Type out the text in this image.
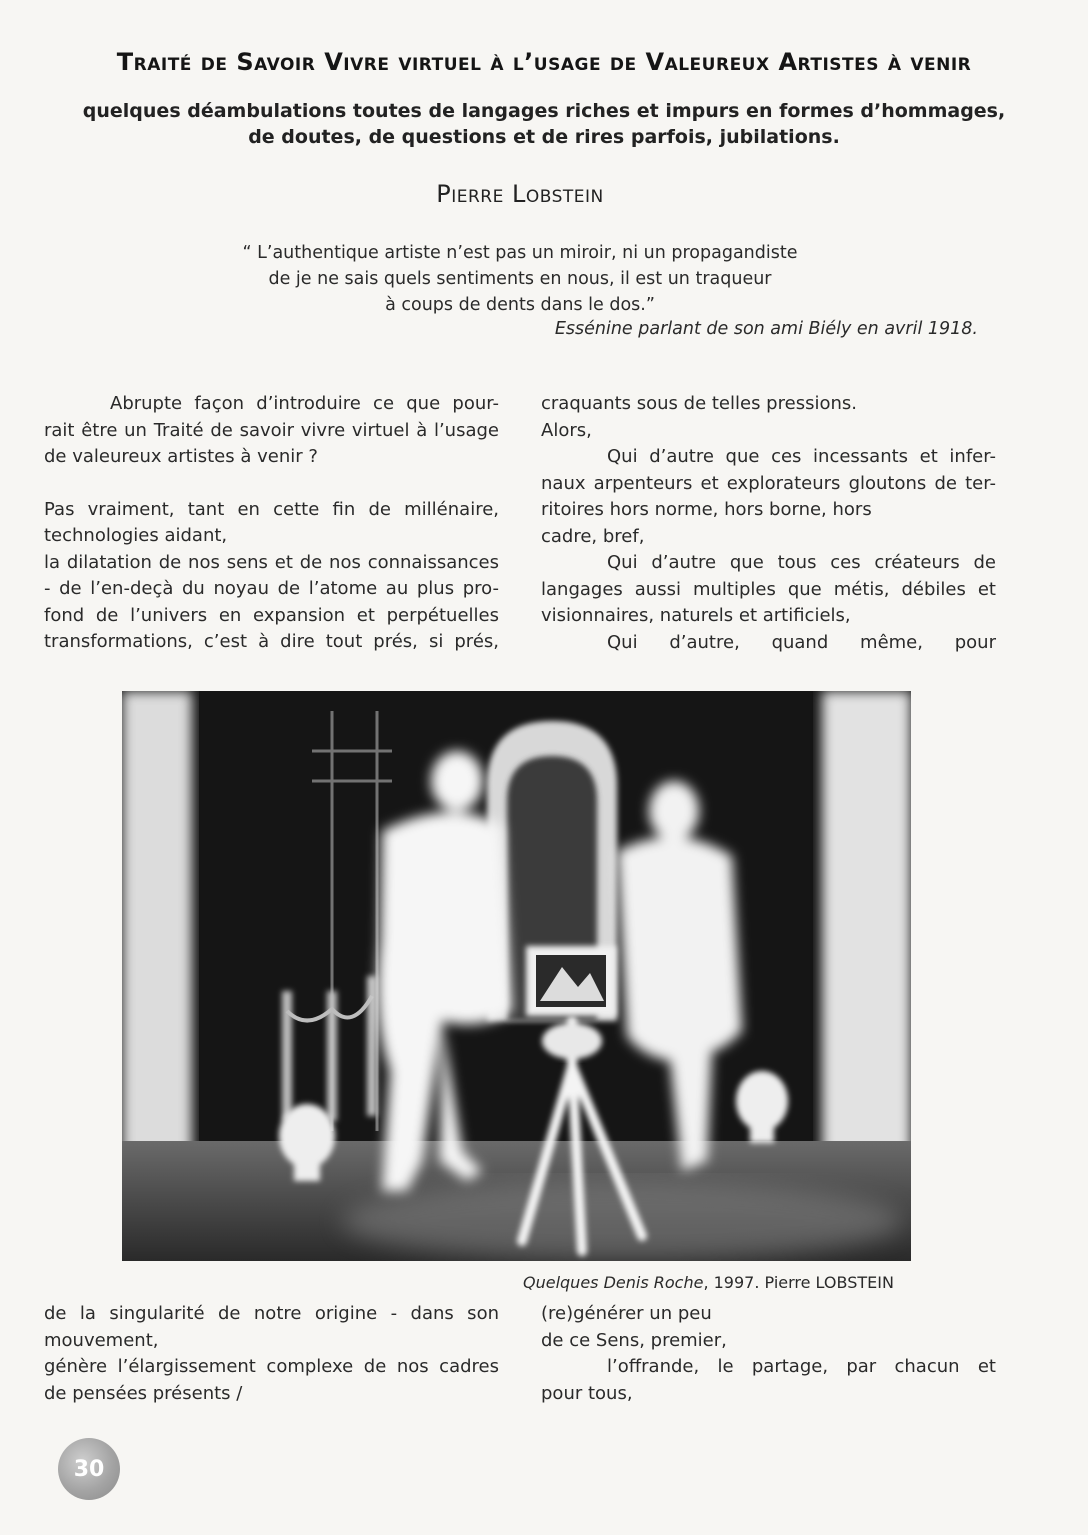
Traité de Savoir Vivre virtuel à l’usage de Valeureux Artistes à venir
quelques déambulations toutes de langages riches et impurs en formes d’hommages,
de doutes, de questions et de rires parfois, jubilations.
Pierre Lobstein
“ L’authentique artiste n’est pas un miroir, ni un propagandiste
de je ne sais quels sentiments en nous, il est un traqueur
à coups de dents dans le dos.”
Essénine parlant de son ami Biély en avril 1918.

Abrupte façon d’introduire ce que pour-

rait être un Traité de savoir vivre virtuel à l’usage

de valeureux artistes à venir ?

Pas vraiment, tant en cette fin de millénaire,

technologies aidant,

la dilatation de nos sens et de nos connaissances

- de l’en-deçà du noyau de l’atome au plus pro-

fond de l’univers en expansion et perpétuelles

transformations, c’est à dire tout prés, si prés,

craquants sous de telles pressions.

Alors,

Qui d’autre que ces incessants et infer-

naux arpenteurs et explorateurs gloutons de ter-

ritoires hors norme, hors borne, hors

cadre, bref,

Qui d’autre que tous ces créateurs de

langages aussi multiples que métis, débiles et

visionnaires, naturels et artificiels,

Qui d’autre, quand même, pour

Quelques Denis Roche, 1997. Pierre LOBSTEIN

de la singularité de notre origine - dans son

mouvement,

génère l’élargissement complexe de nos cadres

de pensées présents /

(re)générer un peu

de ce Sens, premier,

l’offrande, le partage, par chacun et

pour tous,

30
